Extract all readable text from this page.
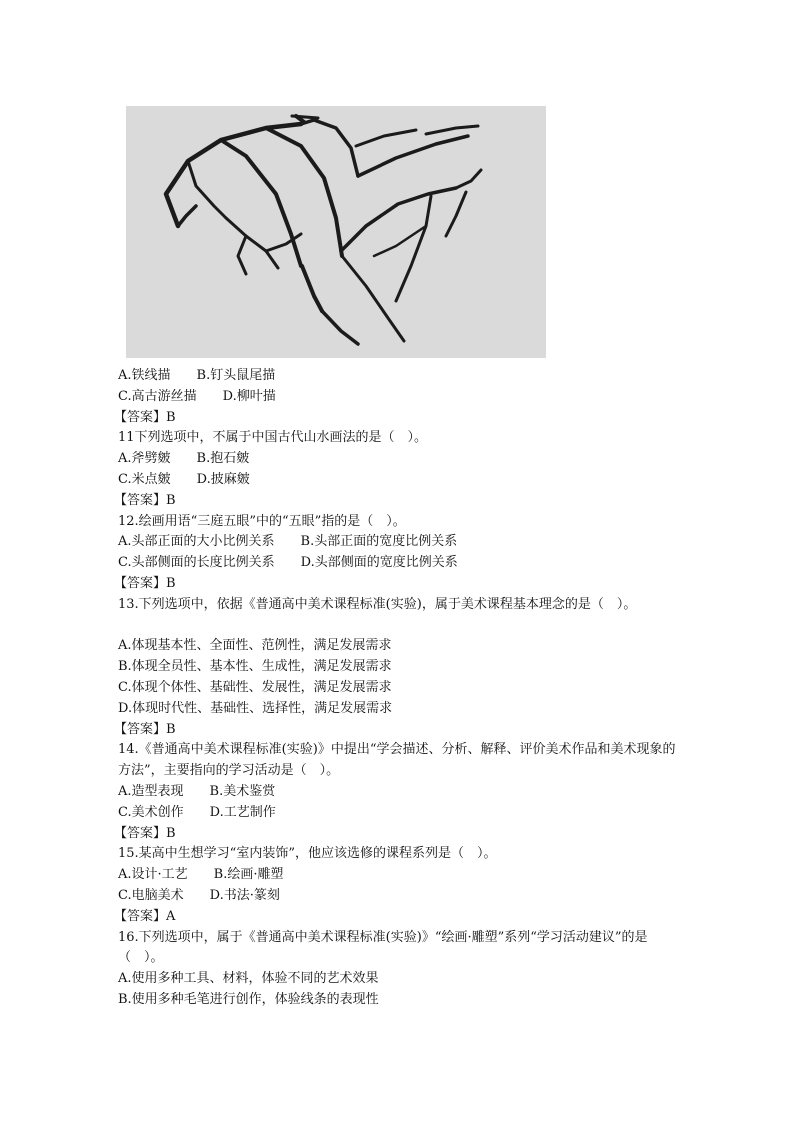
A.铁线描 B.钉头鼠尾描
C.高古游丝描 D.柳叶描
【答案】B
11下列选项中，不属于中国古代山水画法的是（　）。
A.斧劈皴 B.抱石皴
C.米点皴 D.披麻皴
【答案】B
12.绘画用语“三庭五眼”中的“五眼”指的是（　）。
A.头部正面的大小比例关系 B.头部正面的宽度比例关系
C.头部侧面的长度比例关系 D.头部侧面的宽度比例关系
【答案】B
13.下列选项中，依据《普通高中美术课程标准(实验)，属于美术课程基本理念的是（　）。
A.体现基本性、全面性、范例性，满足发展需求
B.体现全员性、基本性、生成性，满足发展需求
C.体现个体性、基础性、发展性，满足发展需求
D.体现时代性、基础性、选择性，满足发展需求
【答案】B
14.《普通高中美术课程标准(实验)》中提出“学会描述、分析、解释、评价美术作品和美术现象的方法”，主要指向的学习活动是（　）。
A.造型表现 B.美术鉴赏
C.美术创作 D.工艺制作
【答案】B
15.某高中生想学习“室内装饰”，他应该选修的课程系列是（　）。
A.设计·工艺 B.绘画·雕塑
C.电脑美术 D.书法·篆刻
【答案】A
16.下列选项中，属于《普通高中美术课程标准(实验)》“绘画·雕塑”系列“学习活动建议”的是（　）。
A.使用多种工具、材料，体验不同的艺术效果
B.使用多种毛笔进行创作，体验线条的表现性
